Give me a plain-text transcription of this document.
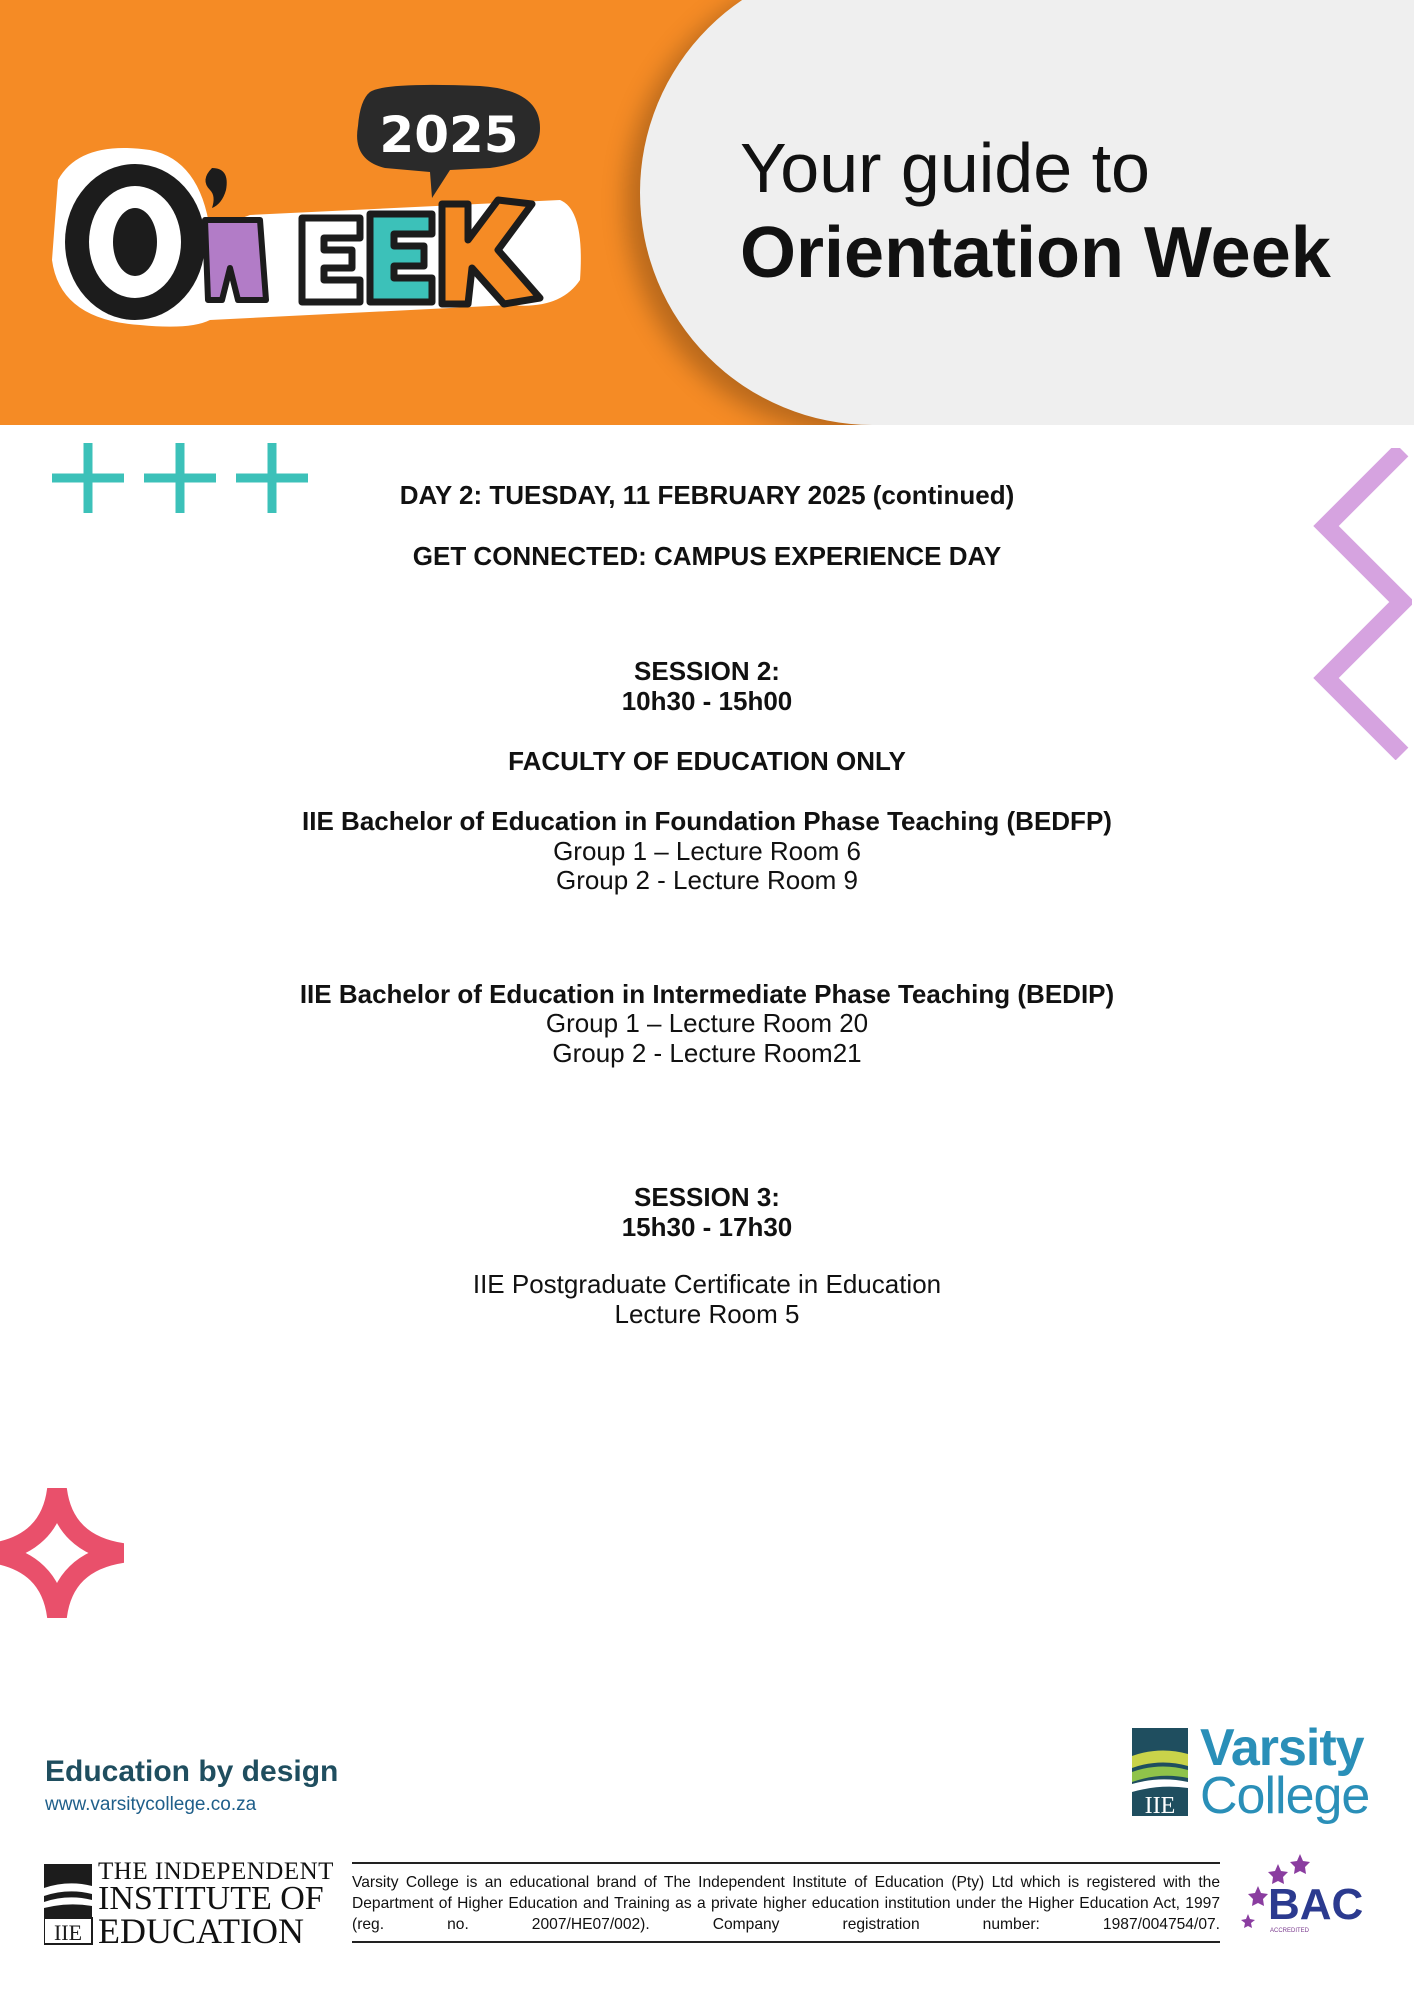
2025	Your guide to
Orientation Week
DAY 2: TUESDAY, 11 FEBRUARY 2025 (continued)
GET CONNECTED: CAMPUS EXPERIENCE DAY
SESSION 2:
10h30 - 15h00
FACULTY OF EDUCATION ONLY
IIE Bachelor of Education in Foundation Phase Teaching (BEDFP)
Group 1 – Lecture Room 6
Group 2 - Lecture Room 9
IIE Bachelor of Education in Intermediate Phase Teaching (BEDIP)
Group 1 – Lecture Room 20
Group 2 - Lecture Room21
SESSION 3:
15h30 - 17h30
IIE Postgraduate Certificate in Education
Lecture Room 5
Education by design
www.varsitycollege.co.za	IIE
Varsity
College
IIE
THE INDEPENDENT
INSTITUTE OF
EDUCATION
Varsity College is an educational brand of The Independent Institute of Education (Pty) Ltd which is registered with the Department of Higher Education and Training as a private higher education institution under the Higher Education Act, 1997 (reg. no. 2007/HE07/002). Company registration number: 1987/004754/07. BAC
ACCREDITED
